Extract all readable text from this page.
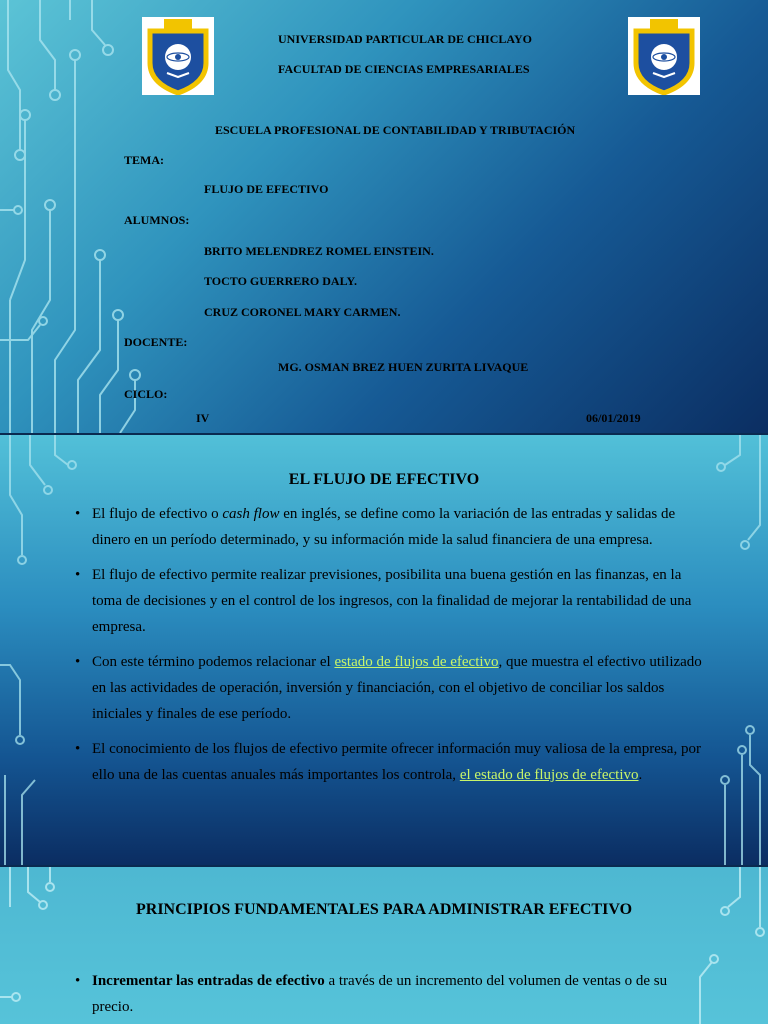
UNIVERSIDAD PARTICULAR DE CHICLAYO
FACULTAD DE CIENCIAS EMPRESARIALES
ESCUELA PROFESIONAL DE CONTABILIDAD Y TRIBUTACIÓN
TEMA:
FLUJO DE EFECTIVO
ALUMNOS:
BRITO MELENDREZ ROMEL EINSTEIN.
TOCTO GUERRERO DALY.
CRUZ CORONEL MARY CARMEN.
DOCENTE:
MG. OSMAN BREZ HUEN ZURITA LIVAQUE
CICLO:
IV	06/01/2019
EL FLUJO DE EFECTIVO
• El flujo de efectivo o cash flow en inglés, se define como la variación de las entradas y salidas de dinero en un período determinado, y su información mide la salud financiera de una empresa.
• El flujo de efectivo permite realizar previsiones, posibilita una buena gestión en las finanzas, en la toma de decisiones y en el control de los ingresos, con la finalidad de mejorar la rentabilidad de una empresa.
• Con este término podemos relacionar el estado de flujos de efectivo, que muestra el efectivo utilizado en las actividades de operación, inversión y financiación, con el objetivo de conciliar los saldos iniciales y finales de ese período.
• El conocimiento de los flujos de efectivo permite ofrecer información muy valiosa de la empresa, por ello una de las cuentas anuales más importantes los controla, el estado de flujos de efectivo.
PRINCIPIOS FUNDAMENTALES PARA ADMINISTRAR EFECTIVO
• Incrementar las entradas de efectivo a través de un incremento del volumen de ventas o de su precio.
